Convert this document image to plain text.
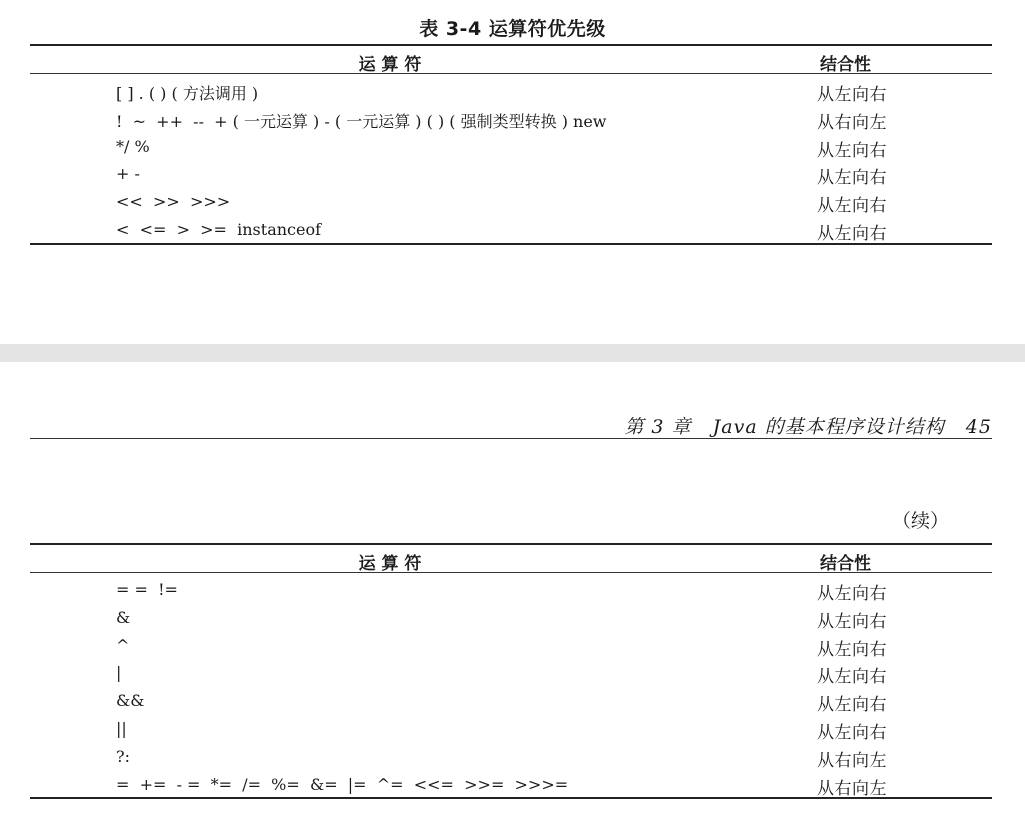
表 3-4 运算符优先级
运 算 符	结合性
[ ] . ( ) ( 方法调用 )	从左向右
!  ~  ++  --  + ( 一元运算 ) - ( 一元运算 ) ( ) ( 强制类型转换 ) new	从右向左
*/ %	从左向右
+ -	从左向右
<<  >>  >>>	从左向右
<  <=  >  >=  instanceof	从左向右
第 3 章   Java 的基本程序设计结构   45
（续）
运 算 符	结合性
= =  !=	从左向右
&	从左向右
^	从左向右
|	从左向右
&&	从左向右
||	从左向右
?:	从右向左
=  +=  - =  *=  /=  %=  &=  |=  ^=  <<=  >>=  >>>=	从右向左
